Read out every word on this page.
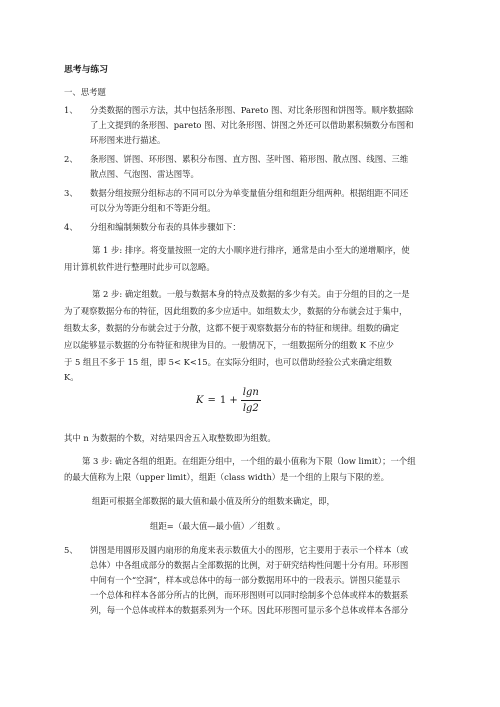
思考与练习
一、思考题
1、 分类数据的图示方法，其中包括条形图、Pareto 图、对比条形图和饼图等。顺序数据除
了上文提到的条形图、pareto 图、对比条形图、饼图之外还可以借助累积频数分布图和
环形图来进行描述。
2、 条形图、饼图、环形图、累积分布图、直方图、茎叶图、箱形图、散点图、线图、三维
散点图、气泡图、雷达图等。
3、 数据分组按照分组标志的不同可以分为单变量值分组和组距分组两种。根据组距不同还
可以分为等距分组和不等距分组。
4、 分组和编制频数分布表的具体步骤如下：
第 1 步: 排序。将变量按照一定的大小顺序进行排序，通常是由小至大的递增顺序，使
用计算机软件进行整理时此步可以忽略。
第 2 步: 确定组数。一般与数据本身的特点及数据的多少有关。由于分组的目的之一是
为了观察数据分布的特征，因此组数的多少应适中。如组数太少，数据的分布就会过于集中，
组数太多，数据的分布就会过于分散，这都不便于观察数据分布的特征和规律。组数的确定
应以能够显示数据的分布特征和规律为目的。一般情况下，一组数据所分的组数 K 不应少
于 5 组且不多于 15 组，即 5< K<15。在实际分组时，也可以借助经验公式来确定组数
K。
$K = 1 + \frac{\lg n}{\lg 2}$
其中 n 为数据的个数，对结果四舍五入取整数即为组数。
第 3 步: 确定各组的组距。在组距分组中，一个组的最小值称为下限（low limit）；一个组
的最大值称为上限（upper limit），组距（class width）是一个组的上限与下限的差。
组距可根据全部数据的最大值和最小值及所分的组数来确定，即，
组距=（最大值—最小值）／组数 。
5、 饼图是用圆形及圆内扇形的角度来表示数值大小的图形，它主要用于表示一个样本（或
总体）中各组成部分的数据占全部数据的比例，对于研究结构性问题十分有用。环形图
中间有一个“空洞”，样本或总体中的每一部分数据用环中的一段表示。饼图只能显示
一个总体和样本各部分所占的比例，而环形图则可以同时绘制多个总体或样本的数据系
列，每一个总体或样本的数据系列为一个环。因此环形图可显示多个总体或样本各部分
